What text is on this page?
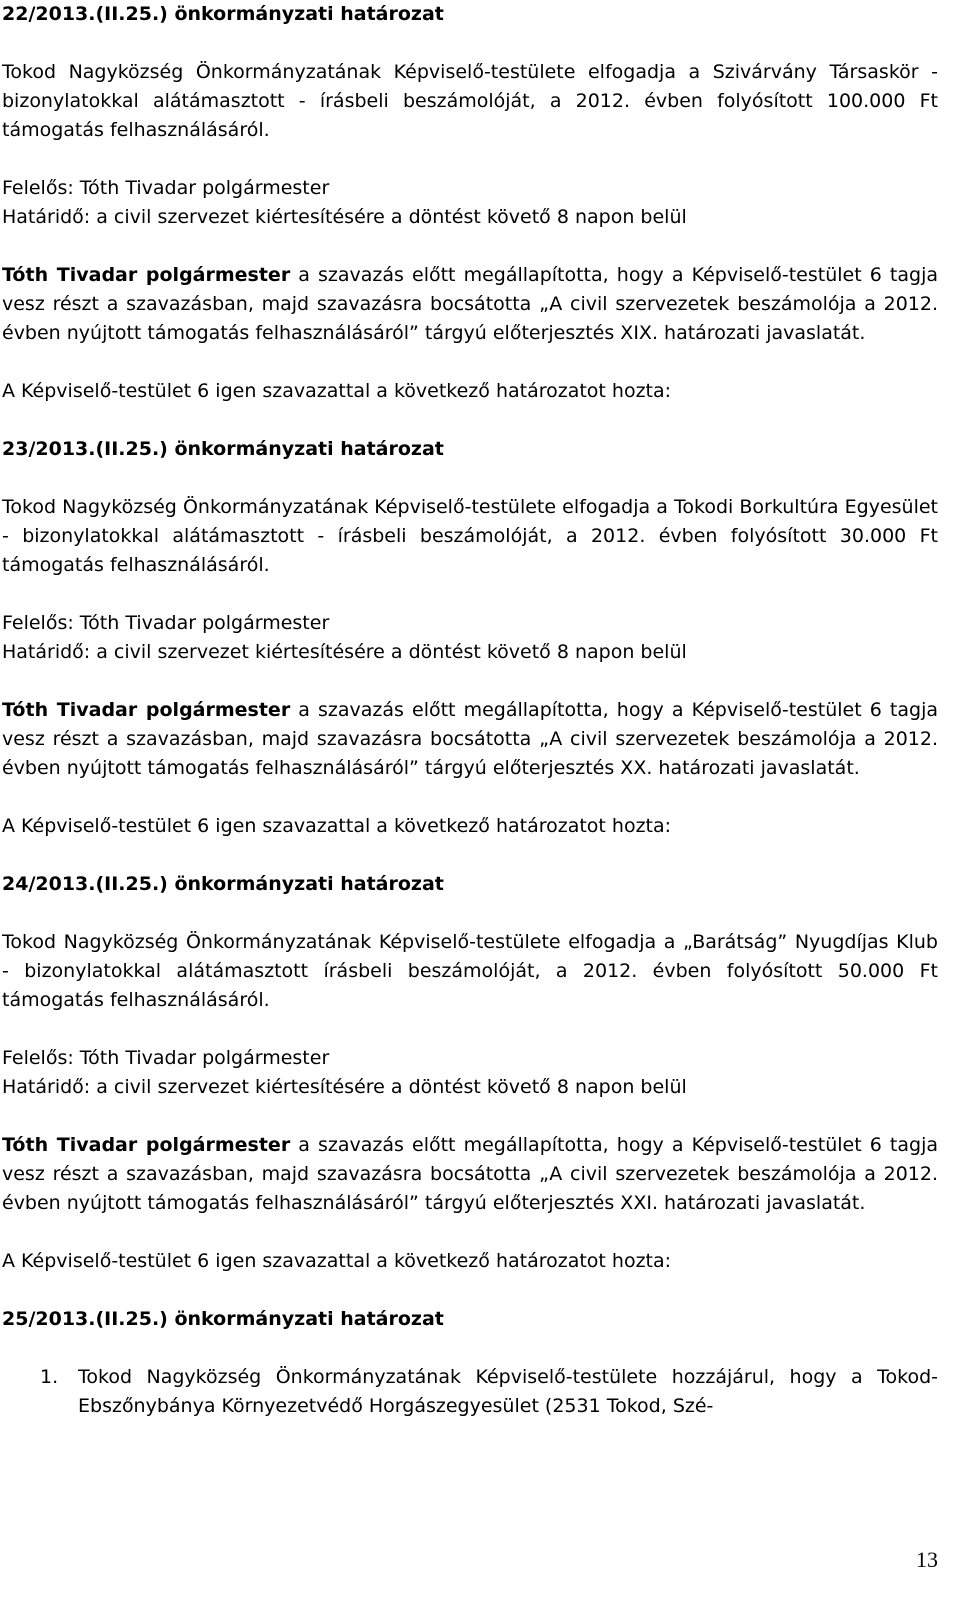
22/2013.(II.25.) önkormányzati határozat

Tokod Nagyközség Önkormányzatának Képviselő-testülete elfogadja a Szivárvány Társaskör - bizonylatokkal alátámasztott - írásbeli beszámolóját, a 2012. évben folyósított 100.000 Ft támogatás felhasználásáról.

Felelős: Tóth Tivadar polgármester

Határidő: a civil szervezet kiértesítésére a döntést követő 8 napon belül

Tóth Tivadar polgármester a szavazás előtt megállapította, hogy a Képviselő-testület 6 tagja vesz részt a szavazásban, majd szavazásra bocsátotta „A civil szervezetek beszámolója a 2012. évben nyújtott támogatás felhasználásáról” tárgyú előterjesztés XIX. határozati javaslatát.

A Képviselő-testület 6 igen szavazattal a következő határozatot hozta:

23/2013.(II.25.) önkormányzati határozat

Tokod Nagyközség Önkormányzatának Képviselő-testülete elfogadja a Tokodi Borkultúra Egyesület - bizonylatokkal alátámasztott - írásbeli beszámolóját, a 2012. évben folyósított 30.000 Ft támogatás felhasználásáról.

Felelős: Tóth Tivadar polgármester

Határidő: a civil szervezet kiértesítésére a döntést követő 8 napon belül

Tóth Tivadar polgármester a szavazás előtt megállapította, hogy a Képviselő-testület 6 tagja vesz részt a szavazásban, majd szavazásra bocsátotta „A civil szervezetek beszámolója a 2012. évben nyújtott támogatás felhasználásáról” tárgyú előterjesztés XX. határozati javaslatát.

A Képviselő-testület 6 igen szavazattal a következő határozatot hozta:

24/2013.(II.25.) önkormányzati határozat

Tokod Nagyközség Önkormányzatának Képviselő-testülete elfogadja a „Barátság” Nyugdíjas Klub - bizonylatokkal alátámasztott írásbeli beszámolóját, a 2012. évben folyósított 50.000 Ft támogatás felhasználásáról.

Felelős: Tóth Tivadar polgármester

Határidő: a civil szervezet kiértesítésére a döntést követő 8 napon belül

Tóth Tivadar polgármester a szavazás előtt megállapította, hogy a Képviselő-testület 6 tagja vesz részt a szavazásban, majd szavazásra bocsátotta „A civil szervezetek beszámolója a 2012. évben nyújtott támogatás felhasználásáról” tárgyú előterjesztés XXI. határozati javaslatát.

A Képviselő-testület 6 igen szavazattal a következő határozatot hozta:

25/2013.(II.25.) önkormányzati határozat

1.	Tokod Nagyközség Önkormányzatának Képviselő-testülete hozzájárul, hogy a Tokod-Ebszőnybánya Környezetvédő Horgászegyesület (2531 Tokod, Szé-

13
